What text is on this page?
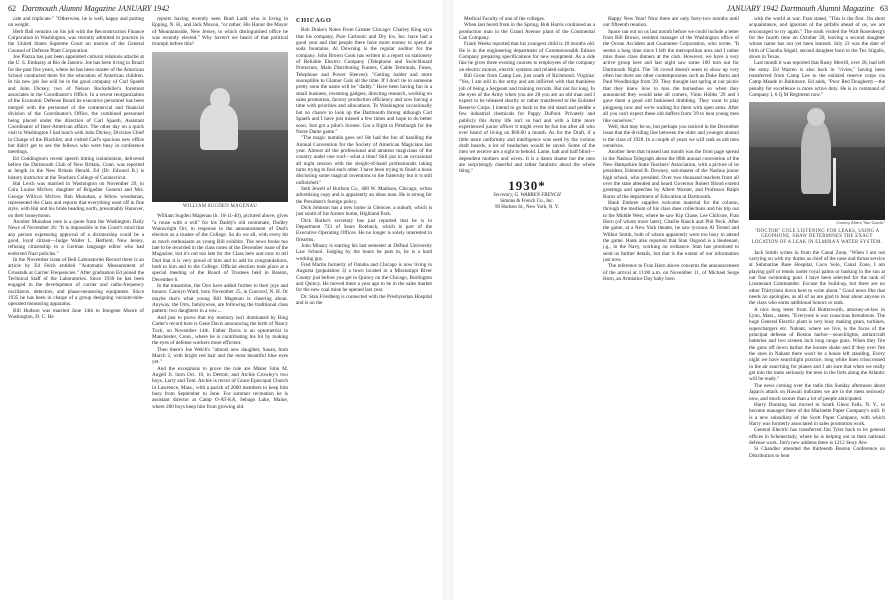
62 Dartmouth Alumni Magazine JANUARY 1942

cate and triplicate." "Otherwise, he is well, happy and putting on weight.

Herb Ball remains on his job with the Reconstruction Finance Corporation in Washington, was recently admitted to practice in the United States Supreme Court on motion of the General Counsel of Defense Plant Corporation.

Joe Piazza has just been appointed cultural relations attaché at the U. S. Embassy at Rio de Janeiro. Joe has been living in Brazil for the past five years, where he has been master of the American School conducted there for the education of American children. In his new job Joe will be in the good company of Carl Spaeth and John Dickey, two of Nelson Rockefeller's foremost associates in the Coordinator's Office. In a recent reorganization of the Economic Defense Board its executive personnel has been merged with the personnel of the commercial and financial division of the Coordinator's Office, the combined personnel being placed under the direction of Carl Spaeth, Assistant Coordinator of Inter-American affairs. The other day on a quick visit to Washington I had lunch with John Dickey, Division Chief in Charge of the Blacklist, and visited Carl's spacious new office but didn't get to see the fellows who were busy in conference meetings.

Ed Coddington's recent speech hitting isolationism, delivered before the Dartmouth Club of New Britain, Conn. was reported at length in the New Britain Herald. Ed (Dr. Edward B.) is history instructor at the Teachers College of Connecticut.

Hal Leich was married in Washington on November 29, to Cora Louise McIver, daughter of Brigadier General and Mrs. George Willcox McIver. Bob Monahan, a fellow woodsman, represented the Class and reports that everything went off in fine style, with Hal and his bride heading north, presumably Hanover, on their honeymoon.

Another Monahan note is a quote from the Washington Daily News of November 26: "It is impossible in the Court's mind that any person expressing approval of a dictatorship could be a good, loyal citizen—Judge Walter L. Hetfield, New Jersey, refusing citizenship to a German language editor who had endorsed Nazi policies."

In the November issue of Bell Laboratories Record there is an article by Ed Felch entitled "Automatic Measurement of Crosstalk at Carrier Frequencies." After graduation Ed joined the Technical Staff of the Laboratories. Since 1930 he has been engaged in the development of carrier and radio-frequency oscillators, detectors, and phase-measuring equipment. Since 1935 he has been in charge of a group designing vacuum-tube-operated measuring apparatus.

Bill Hudson was married June 14th to Imogene Moore of Washington, D. C. He

reports having recently seen Brad Ladd who is living in Epping, N. H., and Jack Moxon, "or rather, His Honor the Mayor of Mountainside, New Jersey, to which distinguished office he was recently elected." Why haven't we heard of that political triumph before this?

WILLIAM SUGDEN MAGENAU

William Sugden Magenau (b. 10-11-40), pictured above, gives "a rouse with a will" for his Daddy's old roommate, Dudley Wainwright Orr, in response to the announcement of Dud's election as a trustee of the College. So do we all, with every bit as much enthusiasm as young Bill exhibits. The news broke too late to be recorded in the class notes of the December issue of the Magazine, but it's not too late for the Class here and now to tell Dud that it is very proud of him and to add its congratulations, both to him and to the College. Official election took place at a special meeting of the Board of Trustees held in Boston, December 6.

In the meantime, the Orrs have added further to their joys and honors: Carolyn Ward, born November 25, in Concord, N. H. Or maybe that's what young Bill Magenau is cheering about. Anyway, the Orrs, familywise, are following the traditional class pattern: two daughters in a row....

And just to prove that my memory isn't dominated by Bing Carter's record here is Gene Davis announcing the birth of Nancy Tuck, on November 14th. Father Davis is an optometrist in Manchester, Conn., where he is contributing his bit by making the eyes of defense workers more efficient.

Then there's Joe Welch's "almost new daughter, Susan, born March 2, with bright red hair and the most beautiful blue eyes yet."

And the exceptions to prove the rule are Mister John M. Angell Jr. born Oct. 10, in Detroit; and Archie Crowley's two boys, Larry and Tom. Archie is rector of Grace Episcopal Church in Lawrence, Mass., with a parish of 2000 members to keep him busy from September to June. For summer recreation he is assistant director at Camp O-AT-KA, Sebago Lake, Maine, where 200 boys keep him from growing old.

CHICAGO

Bob Drake's Notes From Greater Chicago: Charley King says that his company, Pure Carbonic and Dry Ice, Inc. have had a good year and that people there have more money to spend at soda fountains. Al Downing is the regular auditor for the company. John Brown Cook has written in a report on stationery of Reliable Electric Company (Telephone and Switchboard Protectors, Main Distributing Frames, Cable Terminals, Fuses, Telephone and Power Sleeves): "Getting balder and more susceptible to Glamor Gals all the time. If I don't tie to someone pretty soon the name will be "daddy." Have been having fun in a small business, inventing gadgets, directing research, working on sales promotion, factory production efficiency and now having a time with priorities and allocations. To Washington occasionally but no chance to look up the Dartmouth throng although Carl Spaeth and I have just missed a few times and hope to do better soon. Just got a pilot's license. Got a flight to Pittsburgh for the Notre Dame game."

"The magic numbla goes on! He had the fun of handling the Annual Convention for the Society of American Magicians last year. Almost all the professional and amateur magicians of the country under one roof—what a time! Still put in an occasional all night session with the sleight-of-hand professionals taking turns trying to fool each other. I have been trying to finish a book disclosing some magical inventions to the fraternity but it is still unfinished."

Seth Jewell of Burlson Co., 400 W. Madison, Chicago, writes advertising copy and is apparently an ideas man. He is strong for the President's foreign policy.

Dick Johnson has a new home in Glencoe, a suburb, which is just south of his former home, Highland Park.

Dick Burke's secretary has just reported that he is in Department 733 of Sears Roebuck, which is part of the Executive Operating Offices. He no longer is solely interested in firearms.

John Minary is starting his last semester at DePaul University Law School. Judging by the hours he puts in, he is a hard working guy.

Fred Martin formerly of Omaha and Chicago is now living in Augusta (population 3) a town located in a Mississippi River County just before you get to Quincy on the Chicago, Burlington and Quincy. He moved there a year ago to be in the sales market for the new coal mine he opened last year.

Dr. Stan Friedberg is connected with the Presbyterian Hospital and is on the

JANUARY 1942 Dartmouth Alumni Magazine 63

Medical Faculty of one of the colleges.

When last heard from in the Spring, Bob Harris continued as a production man in the Grand Avenue plant of the Continental Can Company.

Frank Weeks reported that his youngest child is 18 months old. He is in the engineering department of Commonwealth Edison Company preparing specifications for new equipment. As a side line he gives three evening courses to employees of the company on electric motors, electric systems and related subjects.

Bill Grote from Camp Lee, just south of Richmond, Virginia: "Yes, I am still in the army and am inflicted with that thankless job of being a Sergeant and training recruits. But not for long. In the eyes of the Army when you are 28 you are an old man and I expect to be released shortly or rather transferred to the Enlisted Reserve Corps. I intend to go back to the old stand and peddle a few industrial chemicals for Pappy DuPont. Privately and publicly this Army life isn't so bad and with a little more experienced junior officer it might even be fun but after all who ever heard of living on $60.00 a month. As for the Draft, if a little more uniformity and intelligence was used by the various draft boards, a lot of headaches would be saved. Some of the men we receive are a sight to behold. Lame, halt and half blind—dependent mothers and wives. It is a damn shame but the men are surprisingly cheerful and rather fatalistic about the whole thing."

1930*
Secretary, G. WARREN FRENCH
Simons & French Co., Inc.
99 Hudson St., New York, N. Y.

Happy New Year! Now there are only forty-two months until our fifteenth reunion.

Space ran out on us last month before we could include a letter from Bill Brown, resident manager of the Washington office of the Ocean Accident and Guarantee Corporation, who wrote, "It seems a long time since I left the metropolitan area and I rather miss those class dinners at the club. However, we have a very active group here and last night saw some 100 turn out for Dartmouth Night. The '30 crowd doesn't seem to show up very often but there are other contemporaries such as Duke Barto and Paul Woodbridge from '29. They thought last spring at our picnic that they knew how to toss the horseshoe so when they announced they would take all comers, Vinto Hobbs '29 and I gave them a good old fashioned drubbing. They want to play pingpong now and we're waiting for them with open arms. After all you can't expect these old duffers from '29 to beat young men like ourselves."

Well, that may be so, but perhaps you noticed in the December issue that the dividing line between the older and younger alumni is the class of 1928. In a couple of years we will rank as old men ourselves.

Another item that missed last month was the front page spread in the Nashua Telegraph about the 88th annual convention of the New Hampshire State Teachers' Association, with a picture of its president, Edmund B. Downey, sub-master of the Nashua junior high school, who presided. Over two thousand teachers from all over the state attended and heard Governor Robert Blood extend greetings and speeches by Albert Warner, and Professor Ralph Burns of the department of Education at Dartmouth.

Hank Embree supplies welcome material for the column, through the medium of his class dues collections and his trip out to the Middle West, where he saw Kip Chase, Lee Chilcote, Fran Horn (of whom more later), Charlie Rauch and Phil Peck. After the game, at a New York theater, he saw tycoons Al Tonsel and Wilbur Smith, both of whom apparently were too busy to attend the game. Hank also reported that Stan Osgood is a lieutenant, j.g., in the Navy, working on ordnance. Stan has promised to send us further details, but that is the extent of our information just now.

The reference to Fran Horn above concerns the announcement of the arrival at 11:00 a.m. on November 11, of Michael Serge Horn, an Armistice Day baby born

with the world at war. Fran stated, "This is the first. On short acquaintance, and ignorant of the pitfalls ahead of us, we are encouraged to try again." The stork visited the Walt Rosenberg's for the fourth time on October 20, leaving a second daughter whose name has not yet been learned. July 23 was the date of birth of Claudia Stigall, second daughter born to the Tex Stigalls, down in Texas.

Last month it was reported that Rusty Merrill, over 28, had left the army. Ed Warren is also back in "civies," having been transferred from Camp Lee to the enlisted reserve corps via Camp Meade in Baltimore. Ed adds, "Poor Red Dougherty—the penalty for excellence is more active duty. He is in command of Company I, 6 Q M Regiment now."

Courtesy Elmira "Star-Gazette"
"DOCTOR" COLE LISTENING FOR LEAKS, USING A GEOPHONE, SHAW DETERMINES THE EXACT LOCATION OF A LEAK IN ELMIRA'S WATER SYSTEM.

Jack Smith writes in from the Canal Zone, "When I am not carrying on with my duties as chief of the nose and throat service at Submarine Base Hospital, Coco Solo, Canal Zone, I am playing golf or tennis under royal palms or basking in the sun at our fine swimming pool. I have been selected for the rank of Lieutenant Commander. Excuse the build-up, but there are no other Thirtyinen down here to write about." Good news like that needs no apologies, as all of us are glad to hear about anyone in the class who earns additional honors or rank.

A nice long letter from Ed Butterworth, attorney-at-law in Lynn, Mass., states, "Everyone is war conscious hereabouts. The huge General Electric plant is very busy making gears, turbines, superchargers etc. Nahant, where we live, is the focus of the principal defense of Boston harbor—searchlights, antiaircraft batteries and two sixteen inch long range guns. When they fire the guns off down harbor the houses shake and if they ever fire the ones in Nahant there won't be a house left standing. Every night we have searchlight practice, long white lines crisscrossed in the air searching for planes and I am sure that when we really get into the mess seriously the men in the forts along the Atlantic will be ready."

The news coming over the radio this Sunday afternoon about Japan's attack on Hawaii indicates we are in the mess seriously now, and much sooner than a lot of people anticipated.

Harry Dunning has moved to South Glens Falls, N. Y., to become manager there of the Marinette Paper Company's mill. It is a new subsidiary of the Scott Paper Company, with which Harry was formerly associated in sales promotion work.

General Electric has transferred Jim Tyler back to its general offices in Schenectady, where he is helping out in their national defense work. Jim's new address there is 1212 Story Ave.

Si Chandler attended the thirteenth Boston Conference on Distribution to hear
